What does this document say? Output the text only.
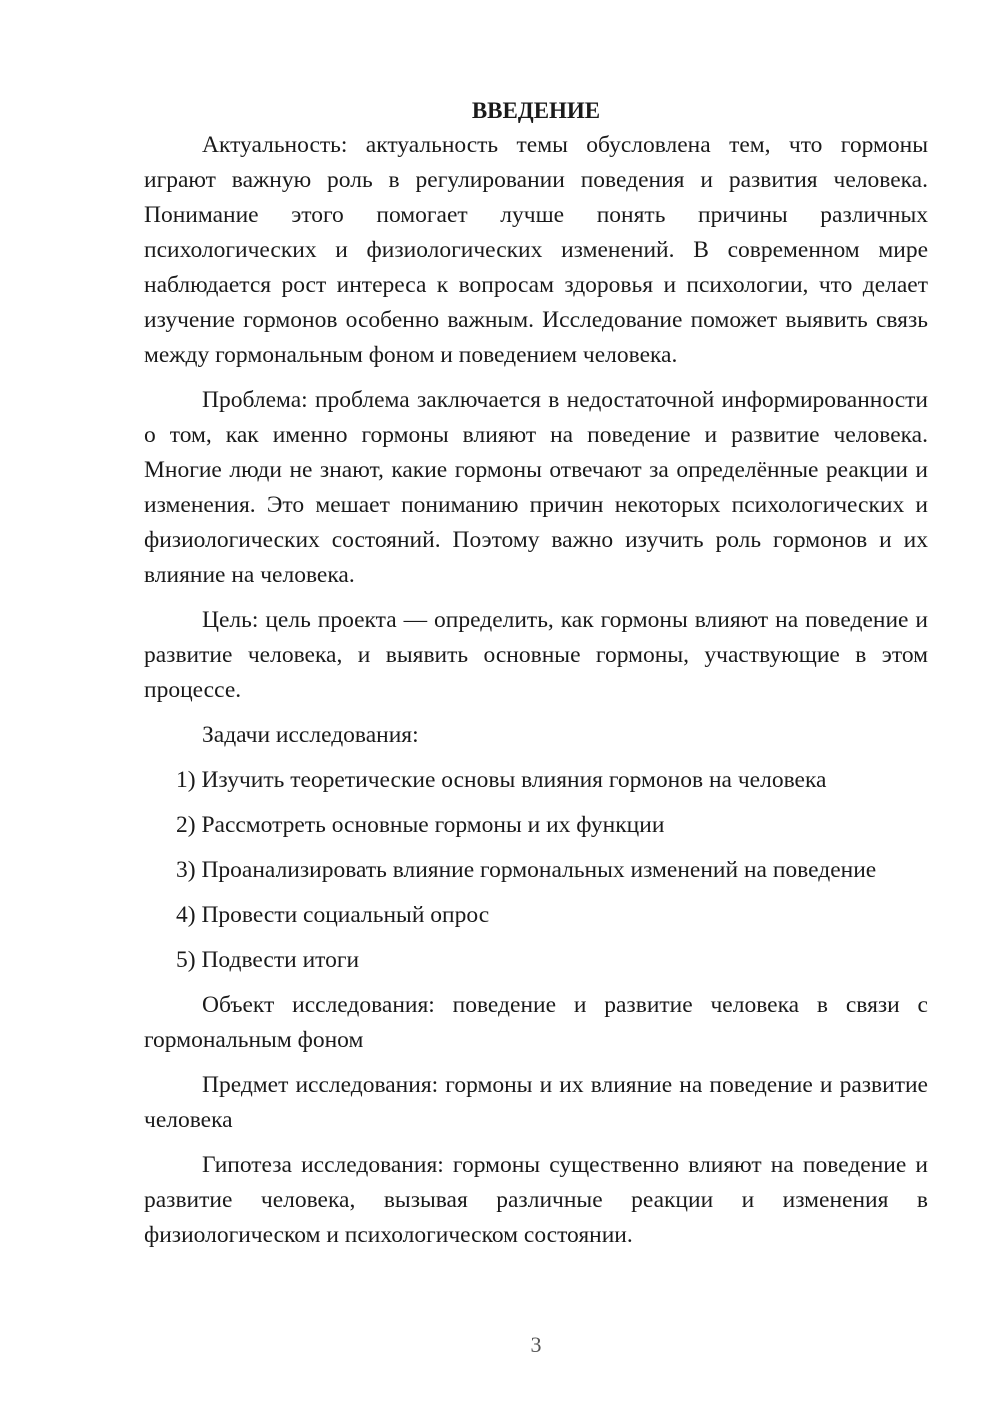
ВВЕДЕНИЕ

Актуальность: актуальность темы обусловлена тем, что гормоны играют важную роль в регулировании поведения и развития человека. Понимание этого помогает лучше понять причины различных психологических и физиологических изменений. В современном мире наблюдается рост интереса к вопросам здоровья и психологии, что делает изучение гормонов особенно важным. Исследование поможет выявить связь между гормональным фоном и поведением человека.

Проблема: проблема заключается в недостаточной информированности о том, как именно гормоны влияют на поведение и развитие человека. Многие люди не знают, какие гормоны отвечают за определённые реакции и изменения. Это мешает пониманию причин некоторых психологических и физиологических состояний. Поэтому важно изучить роль гормонов и их влияние на человека.

Цель: цель проекта — определить, как гормоны влияют на поведение и развитие человека, и выявить основные гормоны, участвующие в этом процессе.

Задачи исследования:

1) Изучить теоретические основы влияния гормонов на человека
2) Рассмотреть основные гормоны и их функции
3) Проанализировать влияние гормональных изменений на поведение
4) Провести социальный опрос
5) Подвести итоги

Объект исследования: поведение и развитие человека в связи с гормональным фоном

Предмет исследования: гормоны и их влияние на поведение и развитие человека

Гипотеза исследования: гормоны существенно влияют на поведение и развитие человека, вызывая различные реакции и изменения в физиологическом и психологическом состоянии.

3
